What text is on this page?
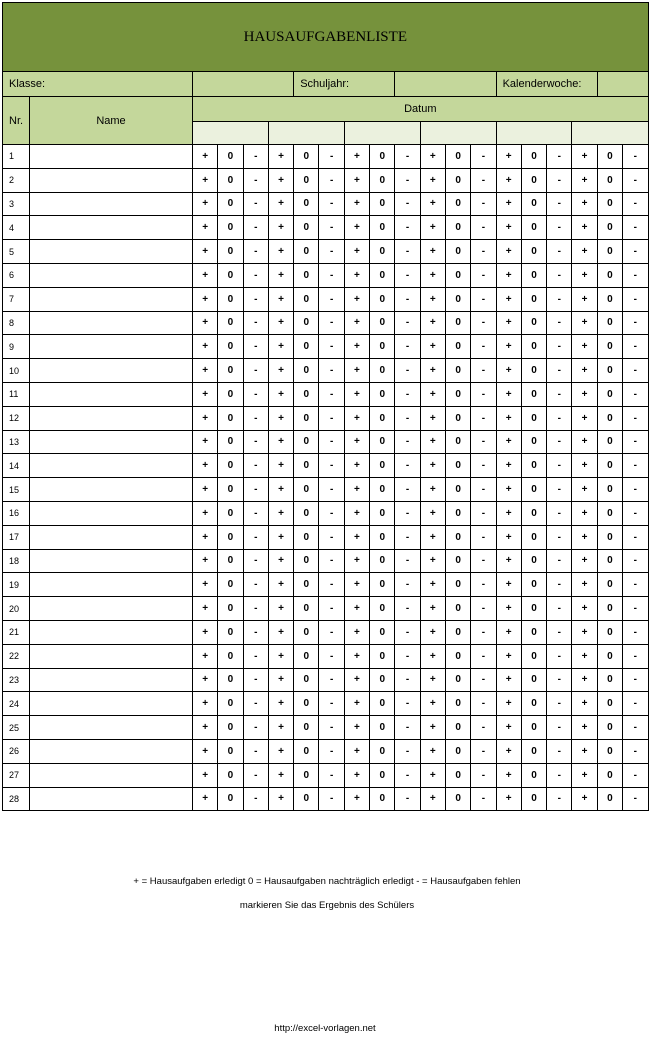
HAUSAUFGABENLISTE																			
Klasse:						Schuljahr:								Kalenderwoche:					
Nr.	Name	Datum																	

1		+	0	-	+	0	-	+	0	-	+	0	-	+	0	-	+	0	-
2		+	0	-	+	0	-	+	0	-	+	0	-	+	0	-	+	0	-
3		+	0	-	+	0	-	+	0	-	+	0	-	+	0	-	+	0	-
4		+	0	-	+	0	-	+	0	-	+	0	-	+	0	-	+	0	-
5		+	0	-	+	0	-	+	0	-	+	0	-	+	0	-	+	0	-
6		+	0	-	+	0	-	+	0	-	+	0	-	+	0	-	+	0	-
7		+	0	-	+	0	-	+	0	-	+	0	-	+	0	-	+	0	-
8		+	0	-	+	0	-	+	0	-	+	0	-	+	0	-	+	0	-
9		+	0	-	+	0	-	+	0	-	+	0	-	+	0	-	+	0	-
10		+	0	-	+	0	-	+	0	-	+	0	-	+	0	-	+	0	-
11		+	0	-	+	0	-	+	0	-	+	0	-	+	0	-	+	0	-
12		+	0	-	+	0	-	+	0	-	+	0	-	+	0	-	+	0	-
13		+	0	-	+	0	-	+	0	-	+	0	-	+	0	-	+	0	-
14		+	0	-	+	0	-	+	0	-	+	0	-	+	0	-	+	0	-
15		+	0	-	+	0	-	+	0	-	+	0	-	+	0	-	+	0	-
16		+	0	-	+	0	-	+	0	-	+	0	-	+	0	-	+	0	-
17		+	0	-	+	0	-	+	0	-	+	0	-	+	0	-	+	0	-
18		+	0	-	+	0	-	+	0	-	+	0	-	+	0	-	+	0	-
19		+	0	-	+	0	-	+	0	-	+	0	-	+	0	-	+	0	-
20		+	0	-	+	0	-	+	0	-	+	0	-	+	0	-	+	0	-
21		+	0	-	+	0	-	+	0	-	+	0	-	+	0	-	+	0	-
22		+	0	-	+	0	-	+	0	-	+	0	-	+	0	-	+	0	-
23		+	0	-	+	0	-	+	0	-	+	0	-	+	0	-	+	0	-
24		+	0	-	+	0	-	+	0	-	+	0	-	+	0	-	+	0	-
25		+	0	-	+	0	-	+	0	-	+	0	-	+	0	-	+	0	-
26		+	0	-	+	0	-	+	0	-	+	0	-	+	0	-	+	0	-
27		+	0	-	+	0	-	+	0	-	+	0	-	+	0	-	+	0	-
28		+	0	-	+	0	-	+	0	-	+	0	-	+	0	-	+	0	-
+ = Hausaufgaben erledigt 0 = Hausaufgaben nachträglich erledigt - = Hausaufgaben fehlen
markieren Sie das Ergebnis des Schülers
http://excel-vorlagen.net
